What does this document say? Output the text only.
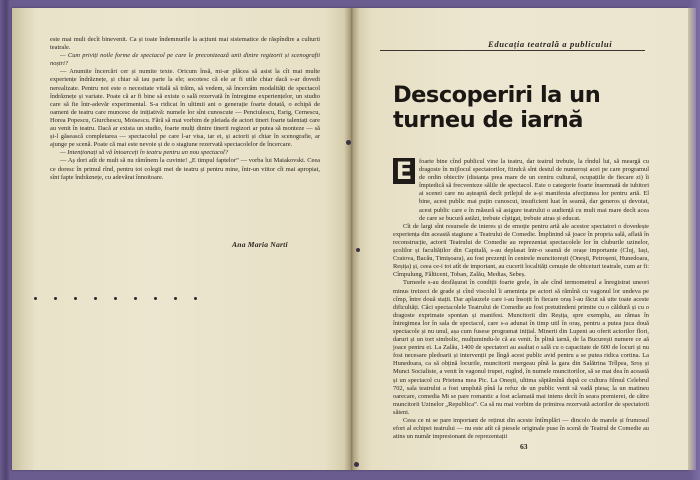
este mai mult decît binevenit. Ca și toate îndemnurile la acțiuni mai sistematice de răspîndire a culturii teatrale.

— Cum priviți noile forme de spectacol pe care le preconizează unii dintre regizorii și scenografii noștri?

— Anumite încercări cer și numite texte. Oricum însă, mi-ar plăcea să asist la cît mai multe experiențe îndrăznețe, și chiar să iau parte la ele; socotesc că ele ar fi utile chiar dacă s-ar dovedi nerealizate. Pentru noi este o necesitate vitală să trăim, să vedem, să încercăm modalități de spectacol îndrăznețe și variate. Poate că ar fi bine să existe o sală rezervată în întregime experiențelor, un studio care să fie într-adevăr experimental. S-a ridicat în ultimii ani o generație foarte dotată, o echipă de oameni de teatru care muncesc de inițiativă: numele lor sînt cunoscute — Penciulescu, Esrig, Cernescu, Horea Popescu, Giurchescu, Moisescu. Fără să mai vorbim de pleiada de actori tineri foarte talentați care au venit în teatru. Dacă ar exista un studio, foarte mulți dintre tinerii regizori ar putea să monteze — să și-l găsească completarea — spectacolul pe care l-ar visa, iar ei, și actorii și chiar în scenografie, ar ajunge pe scenă. Poate că mai este nevoie și de o stagiune rezervată spectacolelor de încercare.

— Intenționați să vă întoarceți în teatru pentru un nou spectacol?

— Aș dori atît de mult să nu rămînem la cuvinte! „E timpul faptelor” — vorba lui Maiakovski. Ceea ce doresc în primul rînd, pentru tot colegii mei de teatru și pentru mine, într-un viitor cît mai apropiat, sînt fapte îndrăznețe, cu adevărat înnoitoare.

Ana Maria Narti
Educația teatrală a publicului
Descoperiri la un
turneu de iarnă
E	foarte bine cînd publicul vine la teatru, dar teatrul trebuie, la rîndul lui, să meargă cu dragoste în mijlocul spectatorilor, fiindcă sînt destul de numeroși acei pe care programul de ordin obiectiv (distanța prea mare de un centru cultural, ocupațiile de fiecare zi) îi împiedică să frecventeze sălile de spectacol. Este o categorie foarte însemnată de iubitori ai scenei care nu așteaptă decît prilejul de a-și manifesta afecțiunea lor pentru artă. El bine, acest public mai puțin cunoscut, insuficient luat în seamă, dar generos și devotat, acest public care e în măsură să asigure teatrului o audiență cu mult mai mare decît acea de care se bucură astăzi, trebuie cîștigat, trebuie atras și educat.

Cît de largi sînt resursele de interes și de emoție pentru artă ale acestor spectatori o dovedește experiența din această stagiune a Teatrului de Comedie. Împlinind să joace în propria sală, aflată în reconstrucție, actorii Teatrului de Comedie au reprezentat spectacolele lor în cluburile uzinelor, școlilor și facultăților din Capitală, s-au deplasat într-o seamă de orașe importante (Cluj, Iași, Craiova, Bacău, Timișoara), au fost prezenți în centrele muncitorești (Onești, Petroșeni, Hunedoara, Reșița) și, ceea ce-i tot atît de important, au cucerit localități cenușie de obiceiuri teatrale, cum ar fi: Cîmpulung, Fălticeni, Toban, Zalău, Medias, Sebeș.

Turneele s-au desfășurat în condiții foarte grele, în ale cînd termometrul a înregistrat uneori minus treizeci de grade și cînd viscolul îi amenința pe actori să rămînă cu vagonul lor undeva pe cîmp, între două stații. Dar aplauzele care i-au însoțit în fiecare oraș l-au făcut să uite toate aceste dificultăți. Căci spectacolele Teatrului de Comedie au fost pretutindeni primite cu o căldură și cu o dragoste exprimate spontan și manifest. Muncitorii din Reșița, spre exemplu, au rămas în întregimea lor în sala de spectacol, care s-a adunat în timp util în oraș, pentru a putea juca două spectacole și nu unul, așa cum fusese programat inițial. Minerii din Lupeni au oferit actorilor flori, daruri și un tort simbolic, mulțumindu-le că au venit. În plină iarnă, de la București numere ce aă joace pentru ei. La Zalău, 1400 de spectatori au asaltat o sală cu o capacitate de 600 de locuri și nu fost necesare pledoarii și intervenții pe lîngă acest public avid pentru a se putea ridica cortina. La Hunedoara, ca să obțină locurile, muncitorii mergeau pînă la gara din Salătrina Trîlpea, Sroș și Munci Socialiste, a venit în vagonul trupei, rugînd, în numele muncitorilor, să se mai dea în această și un spectacol cu Prietena mea Pic. La Onești, ultima săptămînă după ce cultura filmul Celebrul 702, sala teatrului a fost umplută pînă la refuz de un public venit să vadă piesa; la un matineu oarecare, comedia Mi se pare romantic a fost aclamată mai intens decît în seara premierei, de către muncitorii Uzinelor „Republica”. Ca să nu mai vorbim de primirea rezervată actorilor de spectatorii săteni.

Ceea ce ni se pare important de reținut din aceste întîmplări — dincolo de marele și frumosul efort al echipei teatrului — nu este atît că piesele originale puse în scenă de Teatrul de Comedie au atins un număr impresionant de reprezentații

63
